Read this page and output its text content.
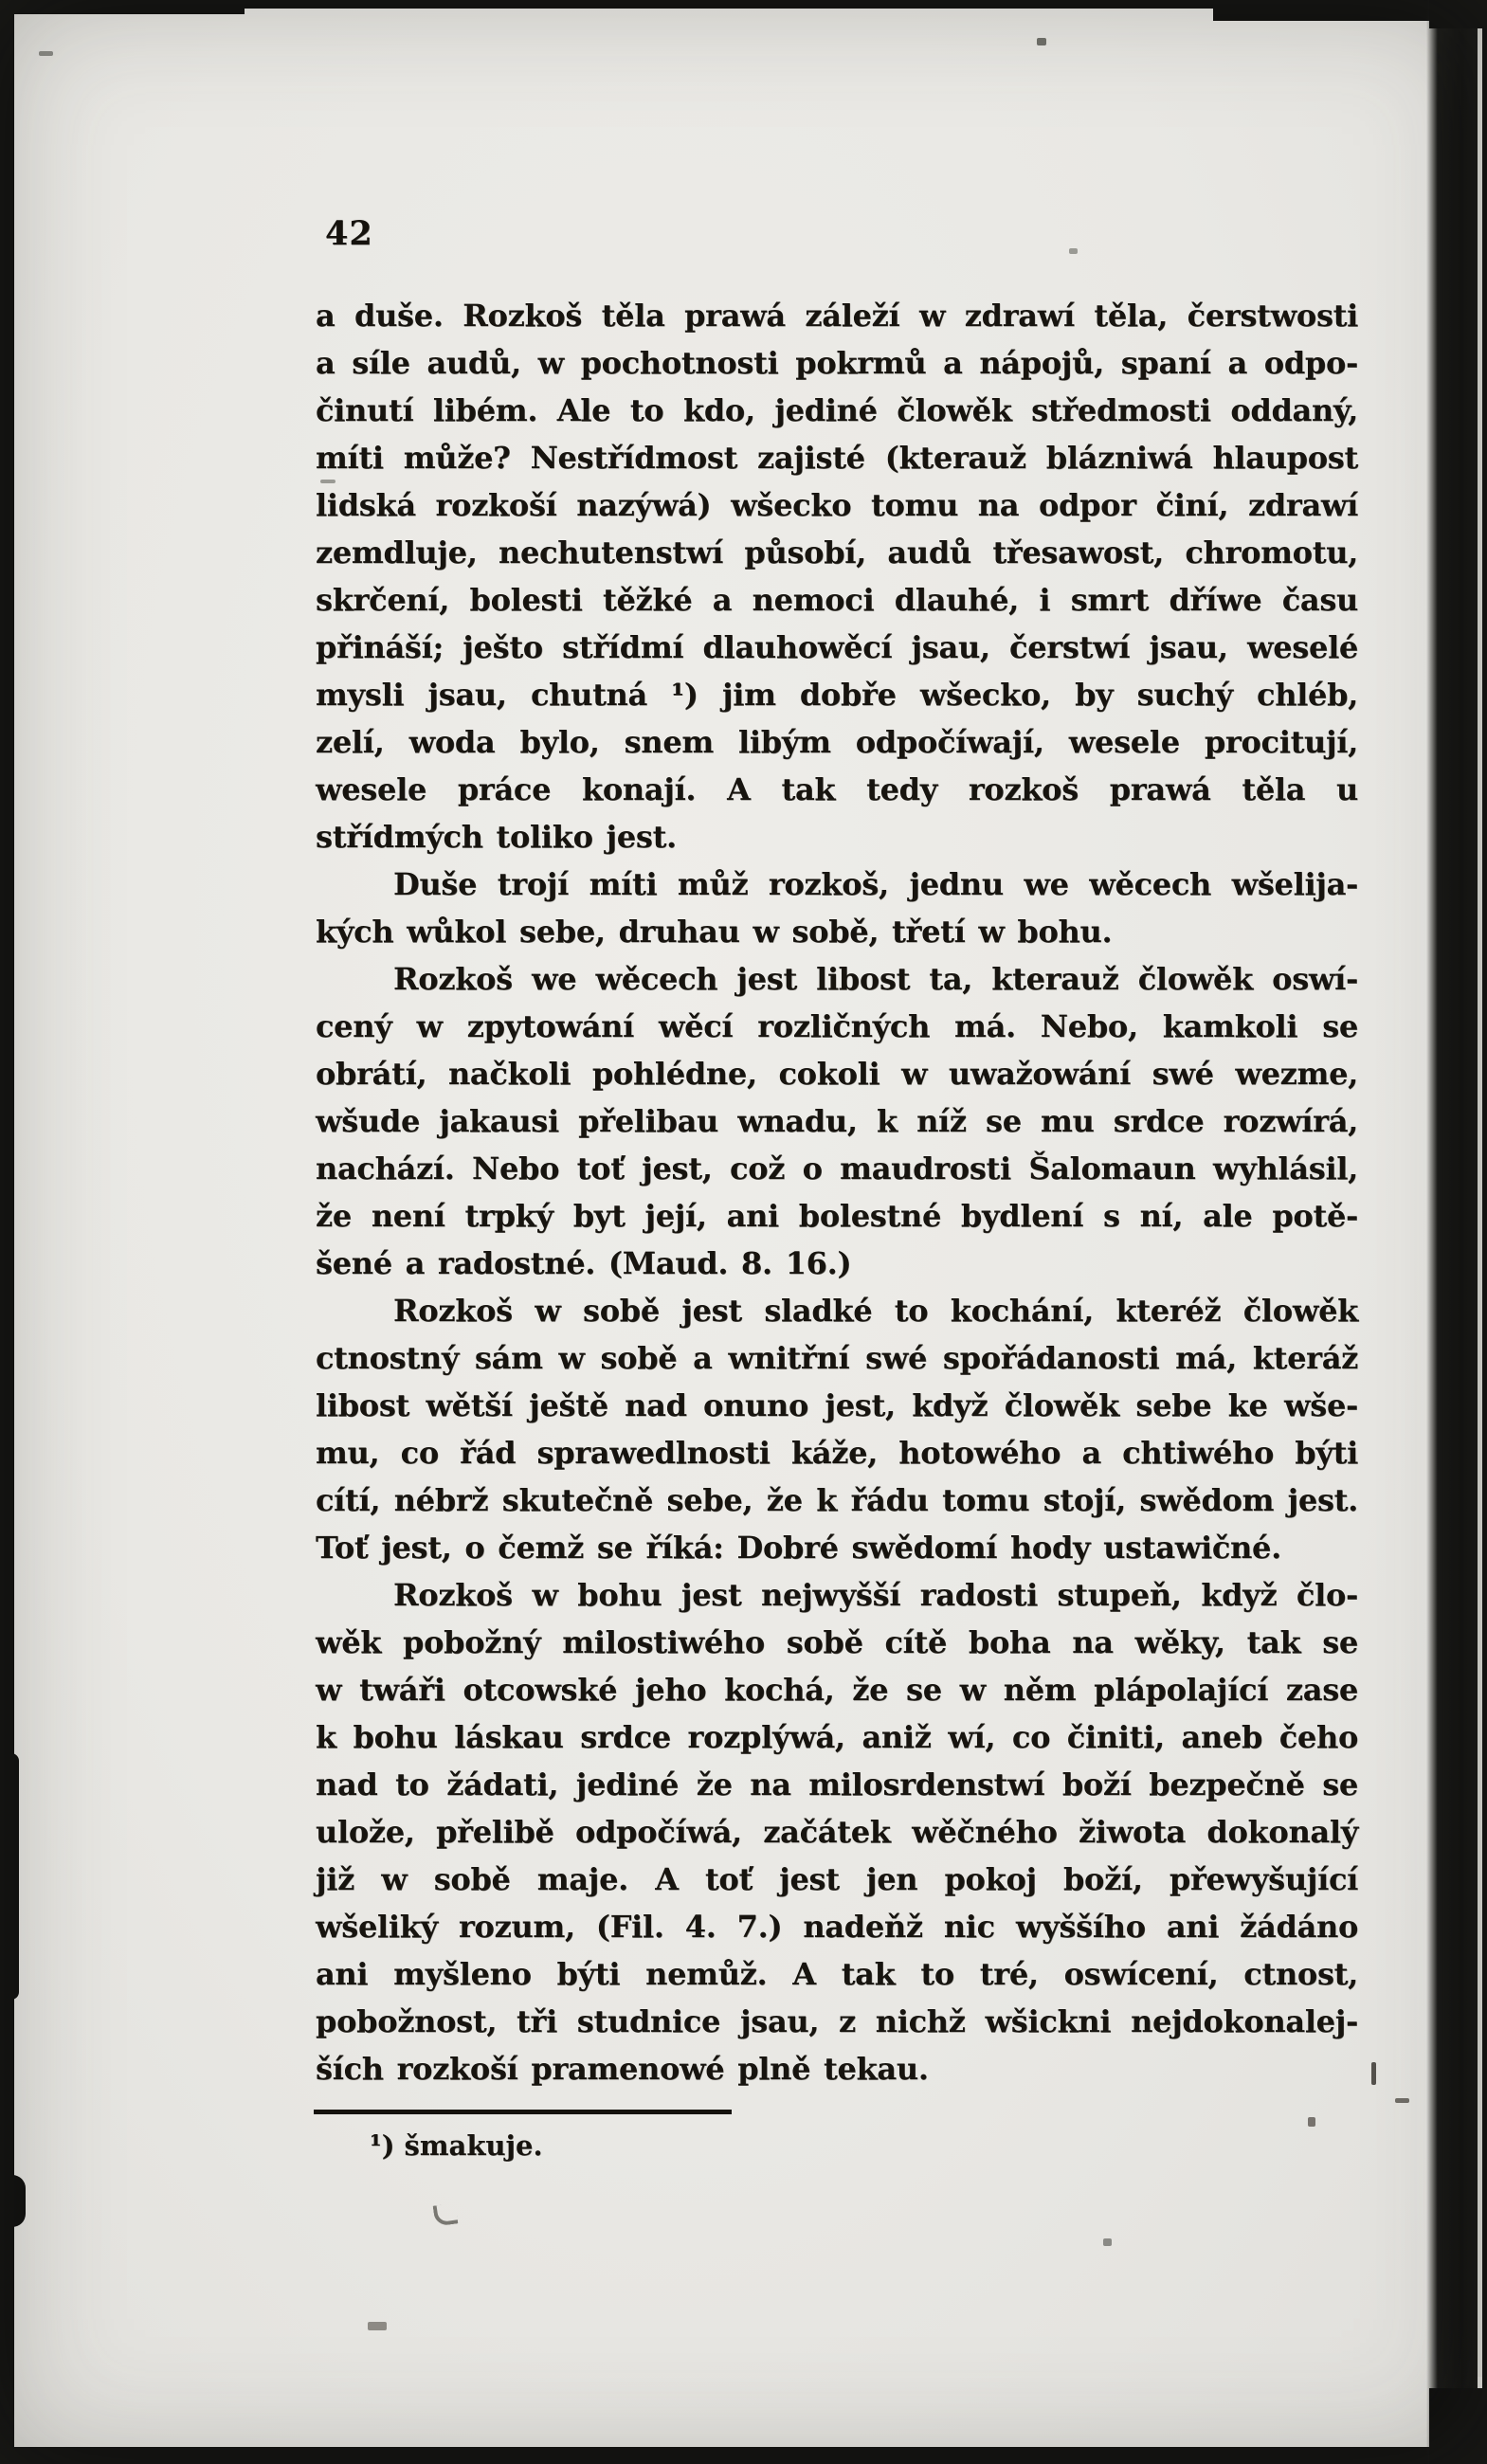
42
a duše. Rozkoš těla prawá záleží w zdrawí těla, čerstwosti
a síle audů, w pochotnosti pokrmů a nápojů, spaní a odpo-
činutí libém. Ale to kdo, jediné člowěk středmosti oddaný,
míti může? Nestřídmost zajisté (kterauž blázniwá hlaupost
lidská rozkoší nazýwá) wšecko tomu na odpor činí, zdrawí
zemdluje, nechutenstwí působí, audů třesawost, chromotu,
skrčení, bolesti těžké a nemoci dlauhé, i smrt dříwe času
přináší; ješto střídmí dlauhowěcí jsau, čerstwí jsau, weselé
mysli jsau, chutná ¹) jim dobře wšecko, by suchý chléb,
zelí, woda bylo, snem libým odpočíwají, wesele procitují,
wesele práce konají. A tak tedy rozkoš prawá těla u
střídmých toliko jest.
Duše trojí míti můž rozkoš, jednu we wěcech wšelija-
kých wůkol sebe, druhau w sobě, třetí w bohu.
Rozkoš we wěcech jest libost ta, kterauž člowěk oswí-
cený w zpytowání wěcí rozličných má. Nebo, kamkoli se
obrátí, načkoli pohlédne, cokoli w uwažowání swé wezme,
wšude jakausi přelibau wnadu, k níž se mu srdce rozwírá,
nachází. Nebo toť jest, což o maudrosti Šalomaun wyhlásil,
že není trpký byt její, ani bolestné bydlení s ní, ale potě-
šené a radostné. (Maud. 8. 16.)
Rozkoš w sobě jest sladké to kochání, kteréž člowěk
ctnostný sám w sobě a wnitřní swé spořádanosti má, kteráž
libost wětší ještě nad onuno jest, když člowěk sebe ke wše-
mu, co řád sprawedlnosti káže, hotowého a chtiwého býti
cítí, nébrž skutečně sebe, že k řádu tomu stojí, swědom jest.
Toť jest, o čemž se říká: Dobré swědomí hody ustawičné.
Rozkoš w bohu jest nejwyšší radosti stupeň, když člo-
wěk pobožný milostiwého sobě cítě boha na wěky, tak se
w twáři otcowské jeho kochá, že se w něm plápolající zase
k bohu láskau srdce rozplýwá, aniž wí, co činiti, aneb čeho
nad to žádati, jediné že na milosrdenstwí boží bezpečně se
ulože, přelibě odpočíwá, začátek wěčného žiwota dokonalý
již w sobě maje. A toť jest jen pokoj boží, přewyšující
wšeliký rozum, (Fil. 4. 7.) nadeňž nic wyššího ani žádáno
ani myšleno býti nemůž. A tak to tré, oswícení, ctnost,
pobožnost, tři studnice jsau, z nichž wšickni nejdokonalej-
ších rozkoší pramenowé plně tekau.
¹) šmakuje.
